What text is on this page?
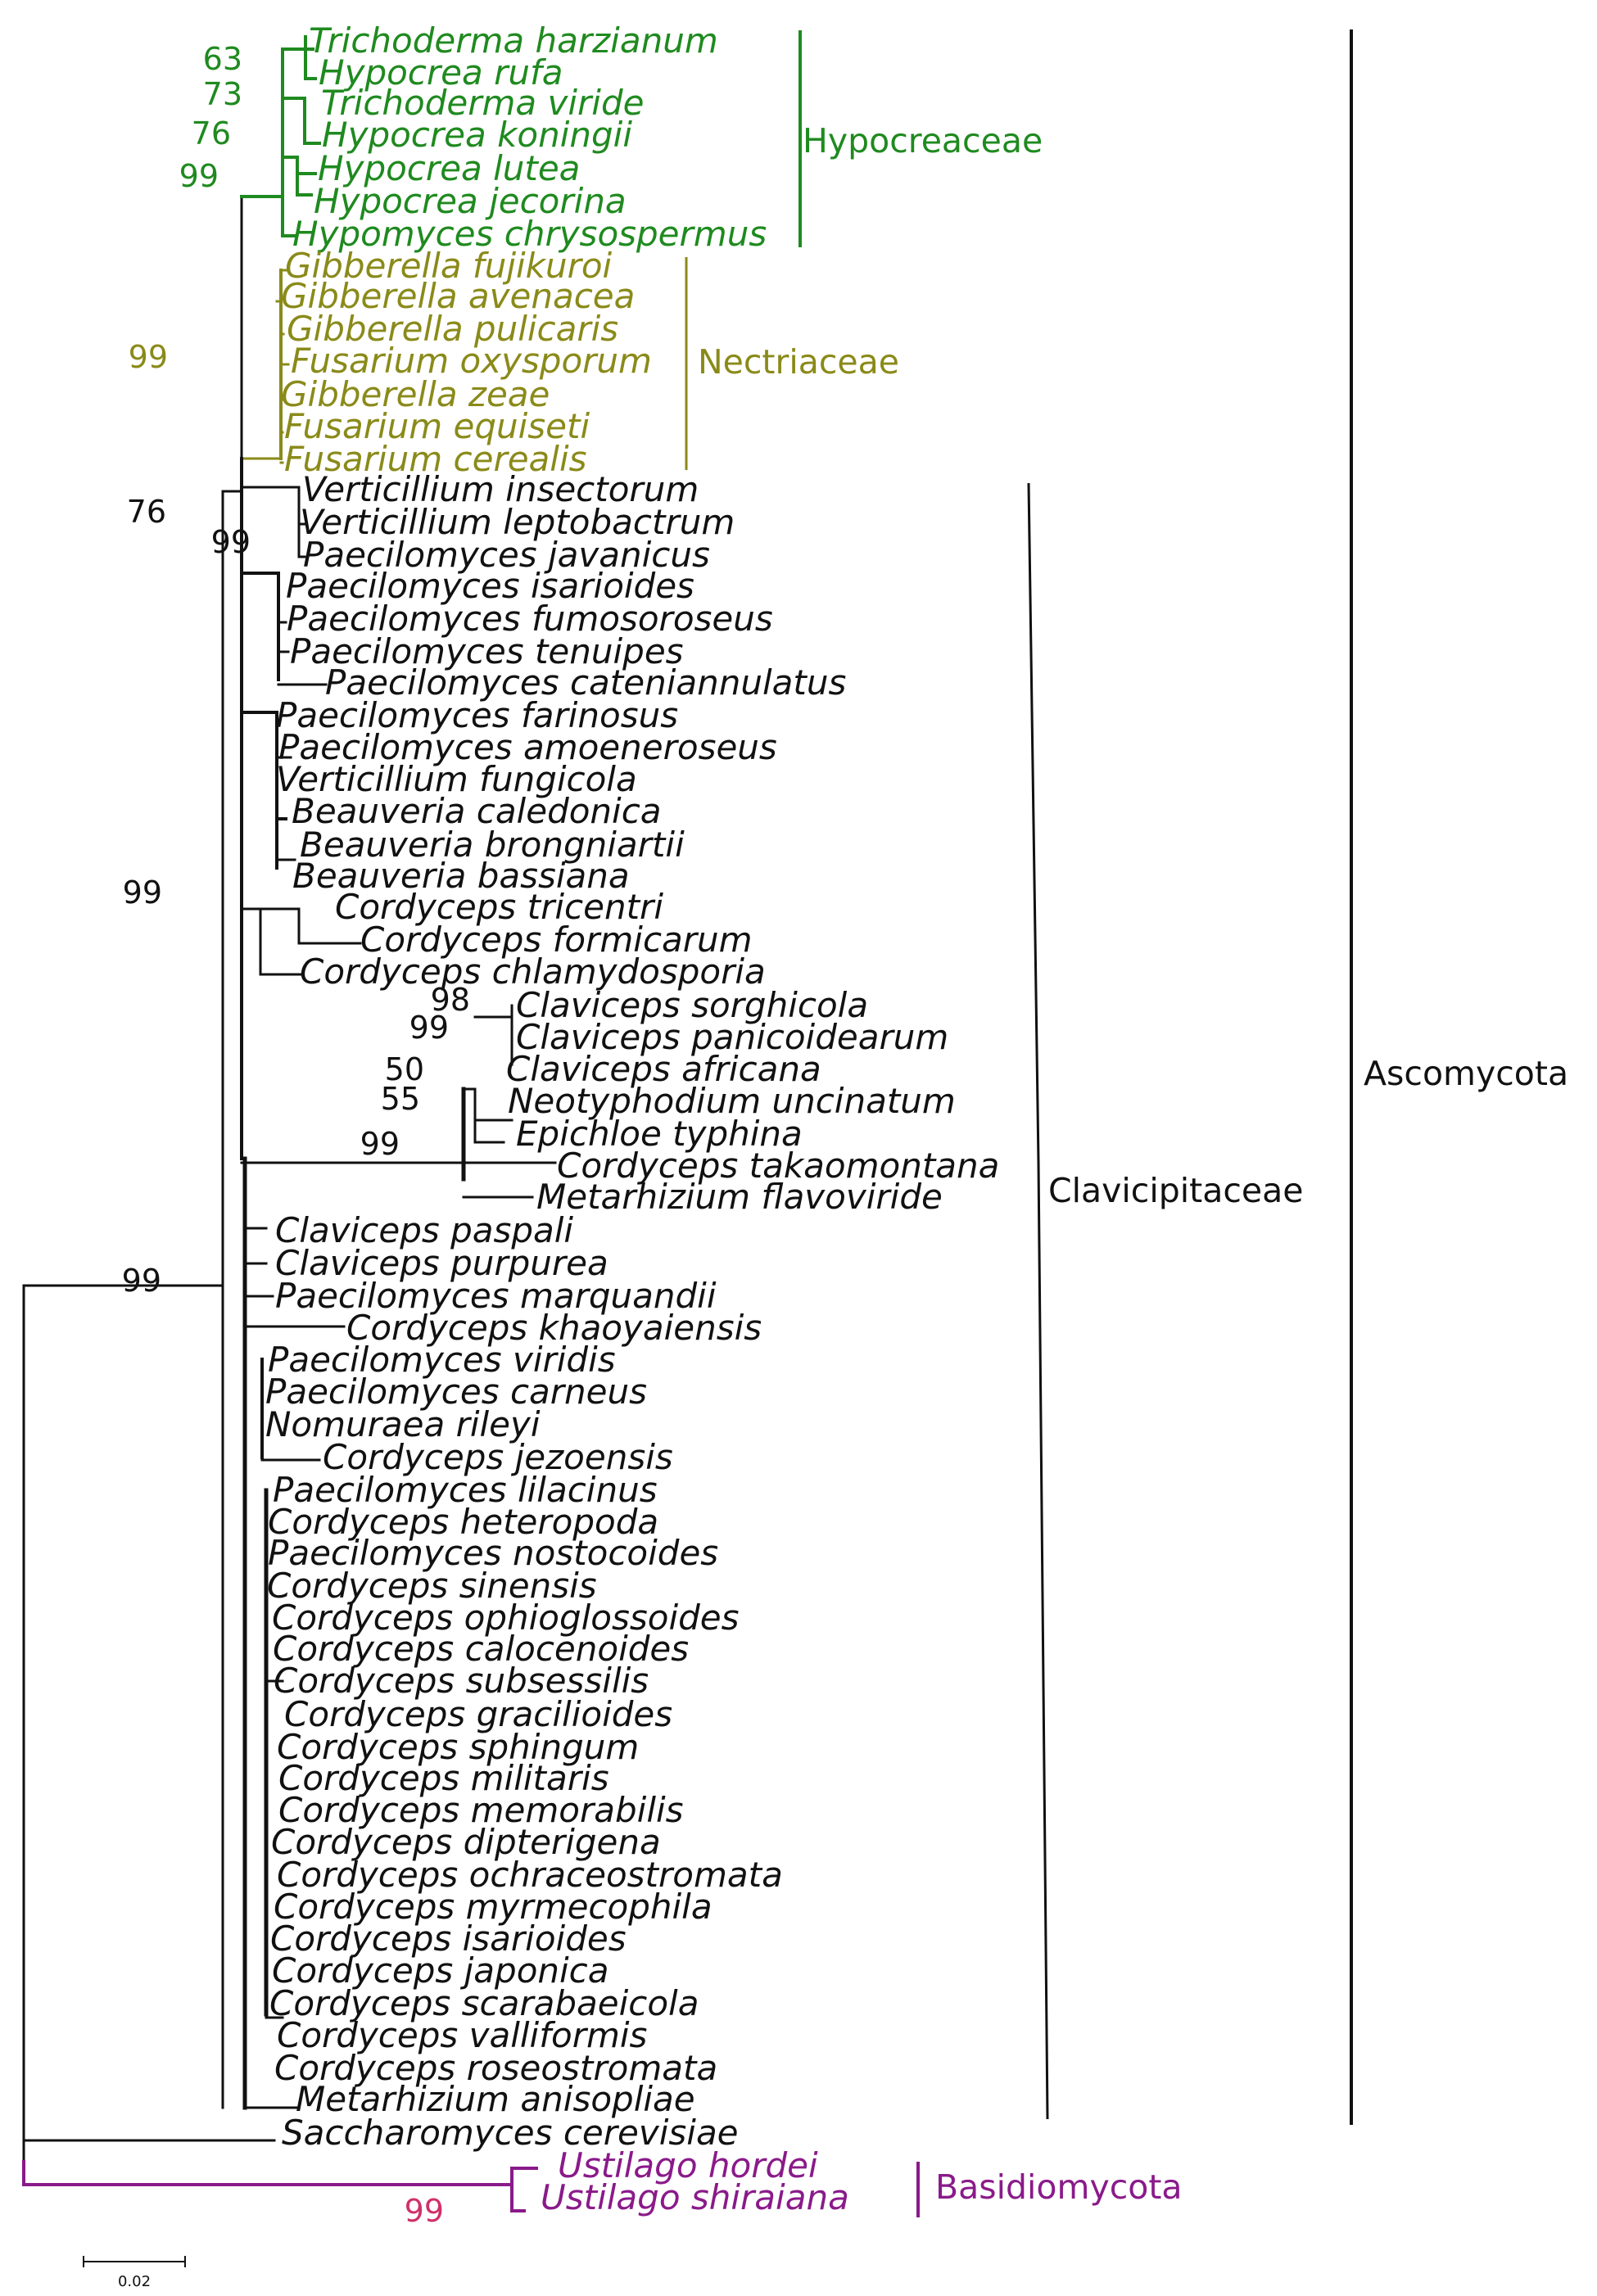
Trichoderma harzianum
Hypocrea rufa
Trichoderma viride
Hypocrea koningii
Hypocrea lutea
Hypocrea jecorina
Hypomyces chrysospermus
Gibberella fujikuroi
Gibberella avenacea
Gibberella pulicaris
Fusarium oxysporum
Gibberella zeae
Fusarium equiseti
Fusarium cerealis
Verticillium insectorum
Verticillium leptobactrum
Paecilomyces javanicus
Paecilomyces isarioides
Paecilomyces fumosoroseus
Paecilomyces tenuipes
Paecilomyces cateniannulatus
Paecilomyces farinosus
Paecilomyces amoeneroseus
Verticillium fungicola
Beauveria caledonica
Beauveria brongniartii
Beauveria bassiana
Cordyceps tricentri
Cordyceps formicarum
Cordyceps chlamydosporia
Claviceps sorghicola
Claviceps panicoidearum
Claviceps africana
Neotyphodium uncinatum
Epichloe typhina
Cordyceps takaomontana
Metarhizium flavoviride
Claviceps paspali
Claviceps purpurea
Paecilomyces marquandii
Cordyceps khaoyaiensis
Paecilomyces viridis
Paecilomyces carneus
Nomuraea rileyi
Cordyceps jezoensis
Paecilomyces lilacinus
Cordyceps heteropoda
Paecilomyces nostocoides
Cordyceps sinensis
Cordyceps ophioglossoides
Cordyceps calocenoides
Cordyceps subsessilis
Cordyceps gracilioides
Cordyceps sphingum
Cordyceps militaris
Cordyceps memorabilis
Cordyceps dipterigena
Cordyceps ochraceostromata
Cordyceps myrmecophila
Cordyceps isarioides
Cordyceps japonica
Cordyceps scarabaeicola
Cordyceps valliformis
Cordyceps roseostromata
Metarhizium anisopliae
Saccharomyces cerevisiae
Ustilago hordei
Ustilago shiraiana
63
73
76
99
99
76
99
99
98
99
50
55
99
99
99
Hypocreaceae
Nectriaceae
Clavicipitaceae
Ascomycota
Basidiomycota
0.02
